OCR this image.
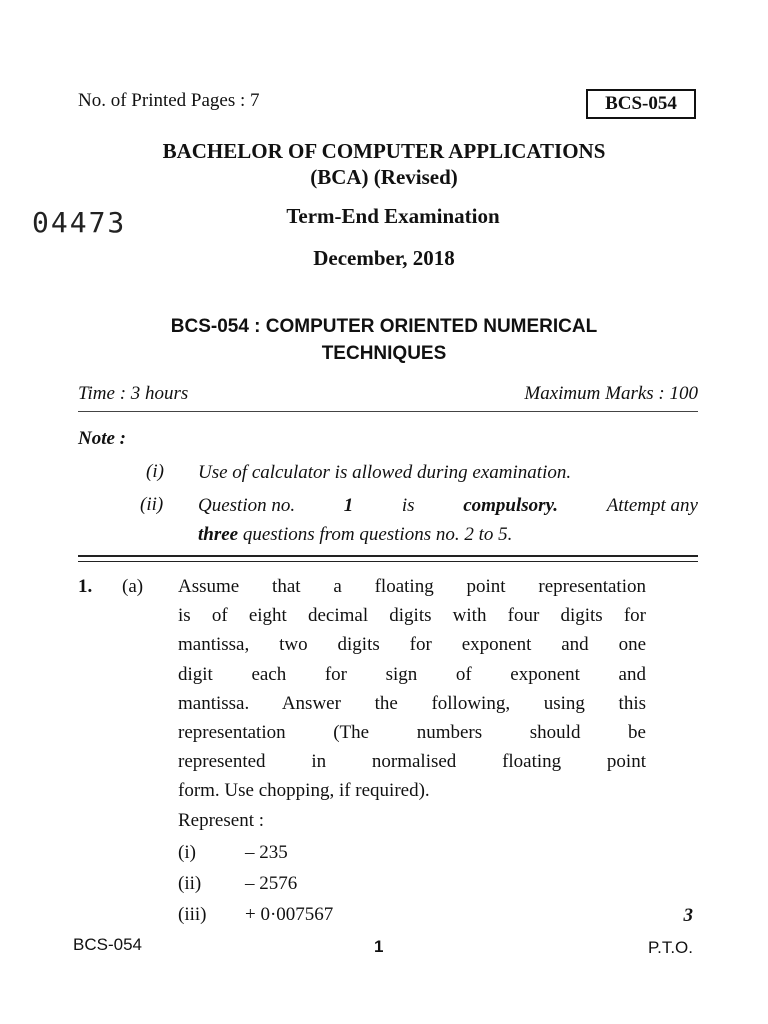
No. of Printed Pages : 7	BCS-054
BACHELOR OF COMPUTER APPLICATIONS
(BCA) (Revised)
04473	Term-End Examination
December, 2018
BCS-054 : COMPUTER ORIENTED NUMERICAL
TECHNIQUES
Time : 3 hours	Maximum Marks : 100
Note :
(i) Use of calculator is allowed during examination.
(ii) Question no.	1	is	compulsory.	Attempt any
three questions from questions no. 2 to 5.
1. (a) Assume that a floating point representation
is of eight decimal digits with four digits for
mantissa, two digits for exponent and one
digit each for sign of exponent and
mantissa. Answer the following, using this
representation (The numbers should be
represented in normalised floating point
form. Use chopping, if required).
Represent :
(i)	– 235
(ii) – 2576
(iii) + 0·007567	3
BCS-054	1	P.T.O.
